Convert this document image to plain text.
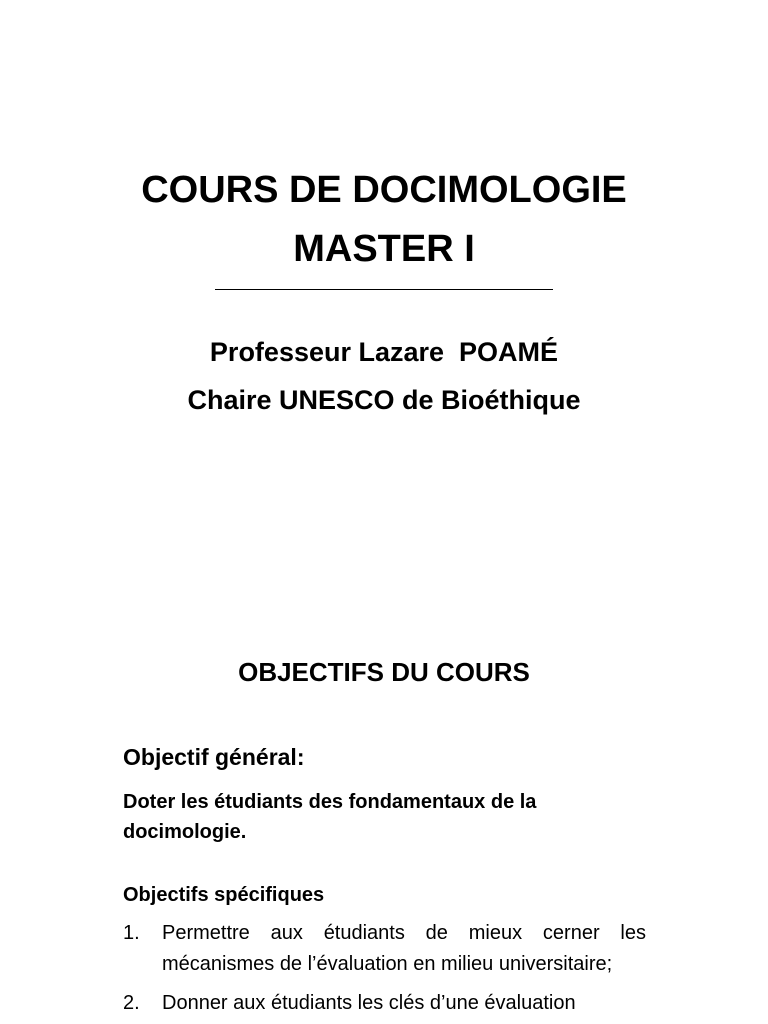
COURS DE DOCIMOLOGIE
MASTER I
Professeur Lazare  POAMÉ
Chaire UNESCO de Bioéthique
OBJECTIFS DU COURS
Objectif général:

Doter les étudiants des fondamentaux de la docimologie.

Objectifs spécifiques
1. Permettre aux étudiants de mieux cerner les mécanismes de l’évaluation en milieu universitaire;
2. Donner aux étudiants les clés d’une évaluation
